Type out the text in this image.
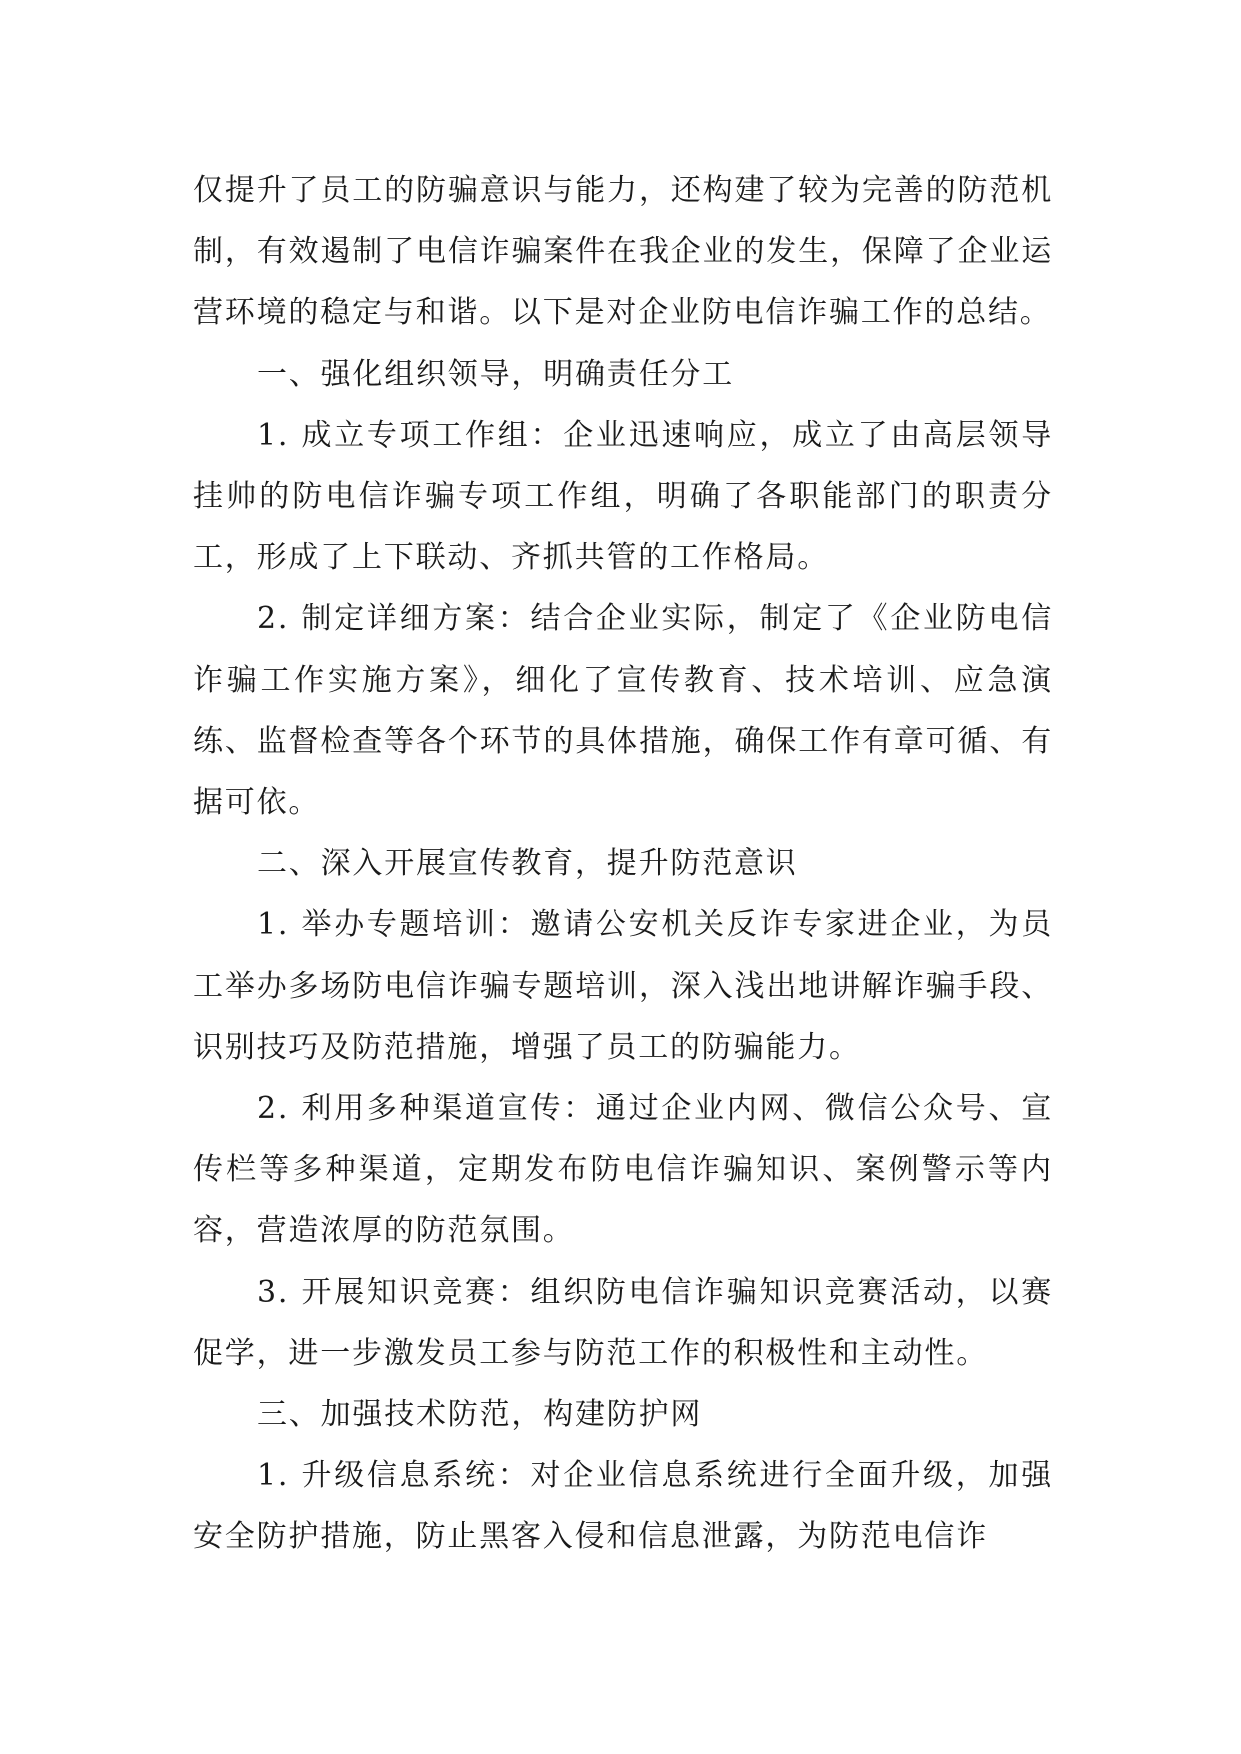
仅提升了员工的防骗意识与能力，还构建了较为完善的防范机制，有效遏制了电信诈骗案件在我企业的发生，保障了企业运营环境的稳定与和谐。以下是对企业防电信诈骗工作的总结。

一、强化组织领导，明确责任分工

1. 成立专项工作组：企业迅速响应，成立了由高层领导挂帅的防电信诈骗专项工作组，明确了各职能部门的职责分工，形成了上下联动、齐抓共管的工作格局。

2. 制定详细方案：结合企业实际，制定了《企业防电信诈骗工作实施方案》，细化了宣传教育、技术培训、应急演练、监督检查等各个环节的具体措施，确保工作有章可循、有据可依。

二、深入开展宣传教育，提升防范意识

1. 举办专题培训：邀请公安机关反诈专家进企业，为员工举办多场防电信诈骗专题培训，深入浅出地讲解诈骗手段、识别技巧及防范措施，增强了员工的防骗能力。

2. 利用多种渠道宣传：通过企业内网、微信公众号、宣传栏等多种渠道，定期发布防电信诈骗知识、案例警示等内容，营造浓厚的防范氛围。

3. 开展知识竞赛：组织防电信诈骗知识竞赛活动，以赛促学，进一步激发员工参与防范工作的积极性和主动性。

三、加强技术防范，构建防护网

1. 升级信息系统：对企业信息系统进行全面升级，加强安全防护措施，防止黑客入侵和信息泄露，为防范电信诈
